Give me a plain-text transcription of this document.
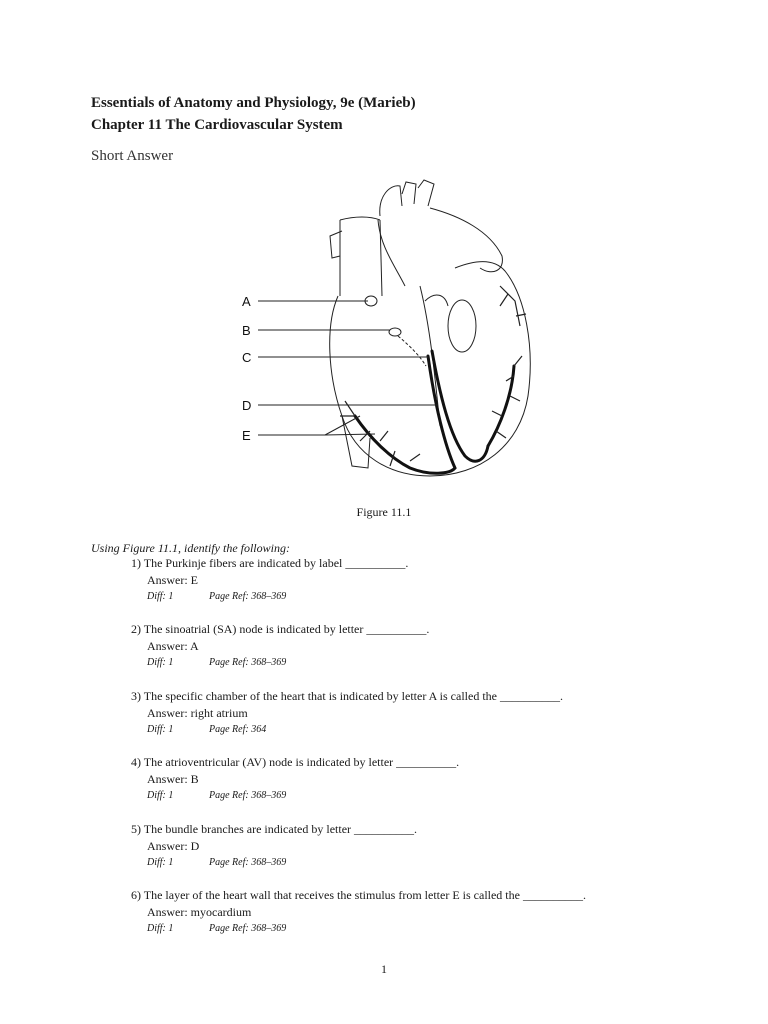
Essentials of Anatomy and Physiology, 9e (Marieb)
Chapter 11 The Cardiovascular System
Short Answer
A
B
C
D
E
Figure 11.1
Using Figure 11.1, identify the following:
1) The Purkinje fibers are indicated by label __________.
Answer: E
Diff: 1	Page Ref: 368–369
2) The sinoatrial (SA) node is indicated by letter __________.
Answer: A
Diff: 1	Page Ref: 368–369
3) The specific chamber of the heart that is indicated by letter A is called the __________.
Answer: right atrium
Diff: 1	Page Ref: 364
4) The atrioventricular (AV) node is indicated by letter __________.
Answer: B
Diff: 1	Page Ref: 368–369
5) The bundle branches are indicated by letter __________.
Answer: D
Diff: 1	Page Ref: 368–369
6) The layer of the heart wall that receives the stimulus from letter E is called the __________.
Answer: myocardium
Diff: 1	Page Ref: 368–369
1
